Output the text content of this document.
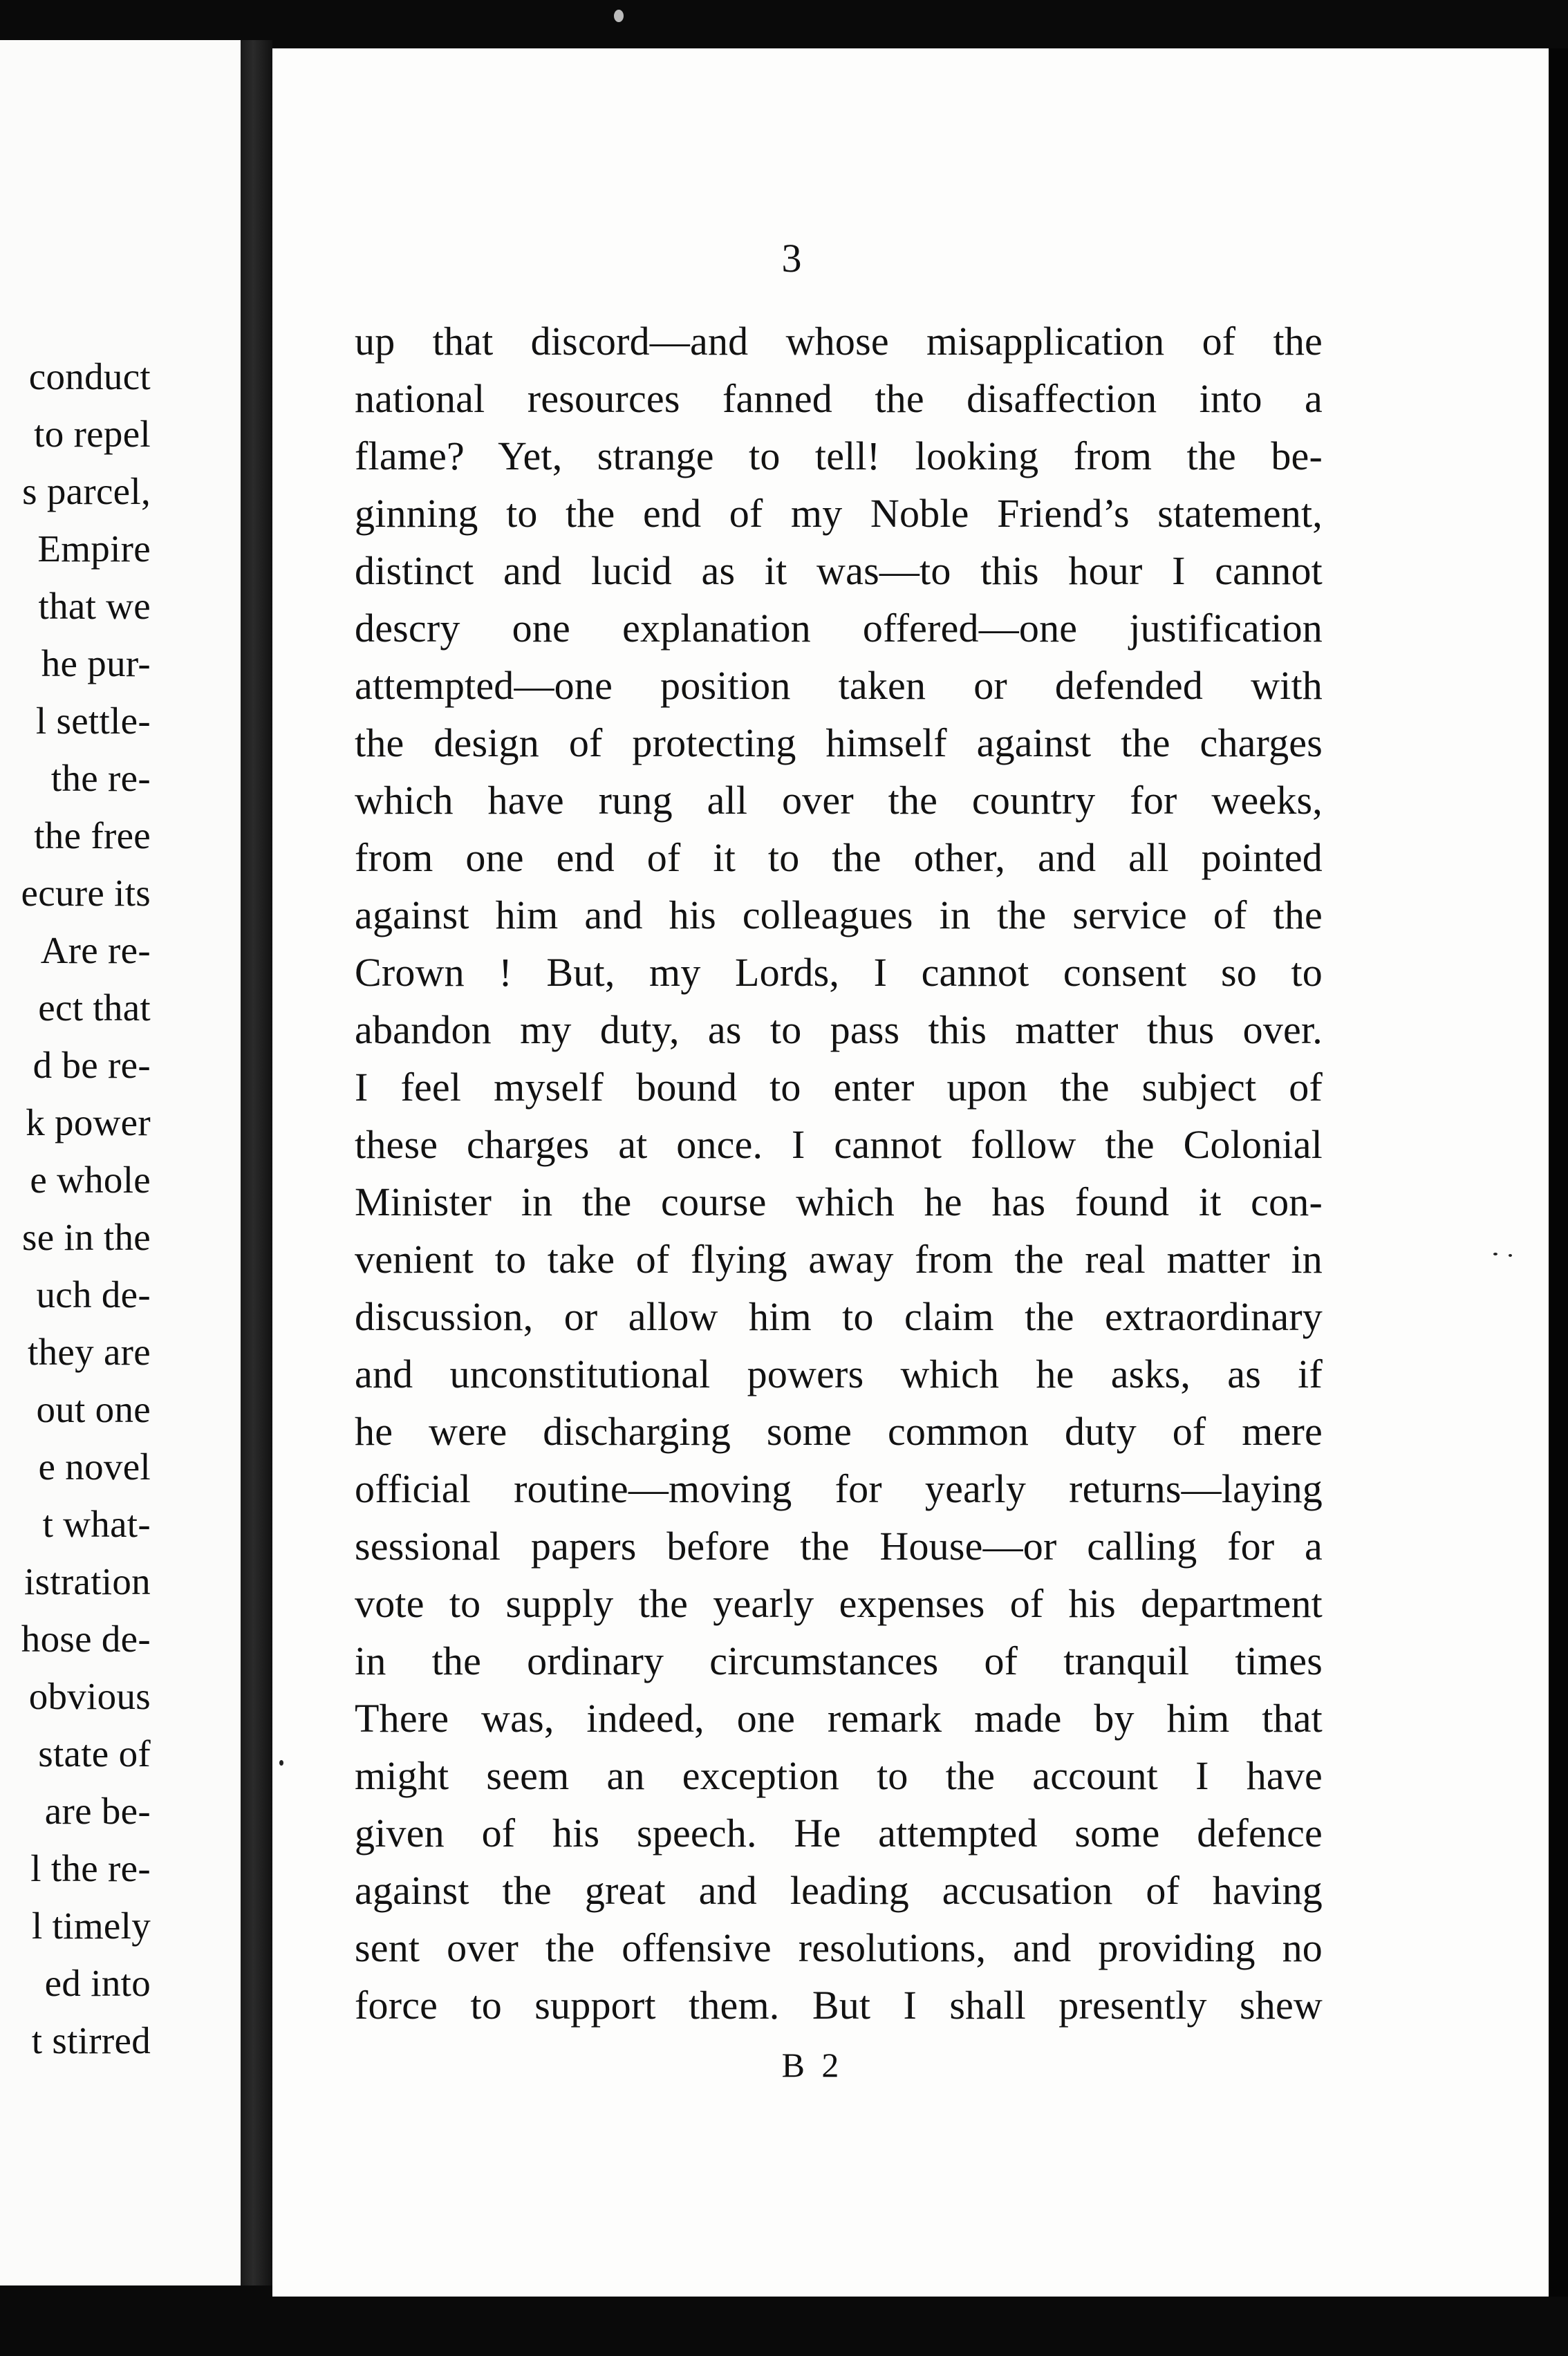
conduct
to repel
s parcel,
Empire
that we
he pur-
l settle-
the re-
the free
ecure its
Are re-
ect that
d be re-
k power
e whole
se in the
uch de-
they are
out one
e novel
t what-
istration
hose de-
obvious
state of
are be-
l the re-
l timely
ed into
t stirred
3
up that discord—and whose misapplication of the
national resources fanned the disaffection into a
flame? Yet, strange to tell! looking from the be-
ginning to the end of my Noble Friend’s statement,
distinct and lucid as it was—to this hour I cannot
descry one explanation offered—one justification
attempted—one position taken or defended with
the design of protecting himself against the charges
which have rung all over the country for weeks,
from one end of it to the other, and all pointed
against him and his colleagues in the service of the
Crown ! But, my Lords, I cannot consent so to
abandon my duty, as to pass this matter thus over.
I feel myself bound to enter upon the subject of
these charges at once. I cannot follow the Colonial
Minister in the course which he has found it con-
venient to take of flying away from the real matter in
discussion, or allow him to claim the extraordinary
and unconstitutional powers which he asks, as if
he were discharging some common duty of mere
official routine—moving for yearly returns—laying
sessional papers before the House—or calling for a
vote to supply the yearly expenses of his department
in the ordinary circumstances of tranquil times
There was, indeed, one remark made by him that
might seem an exception to the account I have
given of his speech. He attempted some defence
against the great and leading accusation of having
sent over the offensive resolutions, and providing no
force to support them. But I shall presently shew
B 2
